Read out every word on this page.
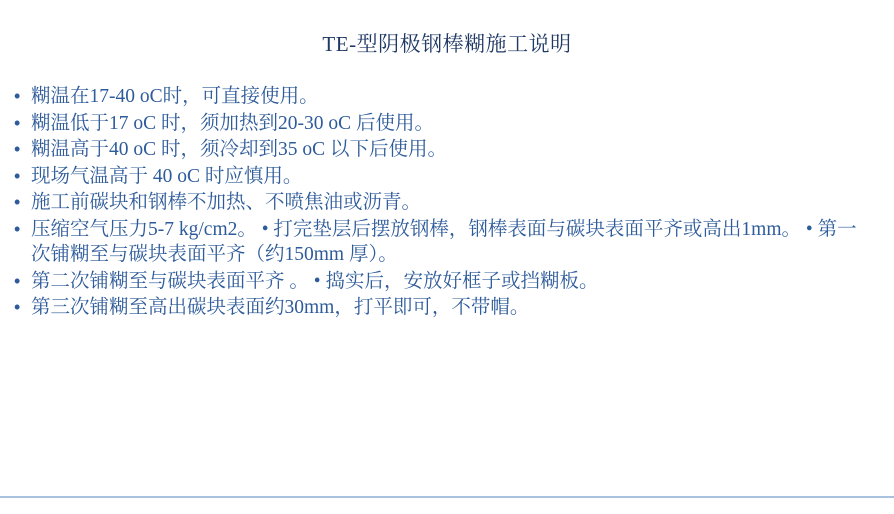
TE-型阴极钢棒糊施工说明
• 糊温在17-40 oC时，可直接使用。
• 糊温低于17 oC 时，须加热到20-30 oC 后使用。
• 糊温高于40 oC 时，须冷却到35 oC 以下后使用。
• 现场气温高于 40 oC 时应慎用。
• 施工前碳块和钢棒不加热、不喷焦油或沥青。
• 压缩空气压力5-7 kg/cm2。 • 打完垫层后摆放钢棒，钢棒表面与碳块表面平齐或高出1mm。 • 第一次铺糊至与碳块表面平齐（约150mm 厚）。
• 第二次铺糊至与碳块表面平齐 。 • 捣实后，安放好框子或挡糊板。
• 第三次铺糊至高出碳块表面约30mm，打平即可，不带帽。
